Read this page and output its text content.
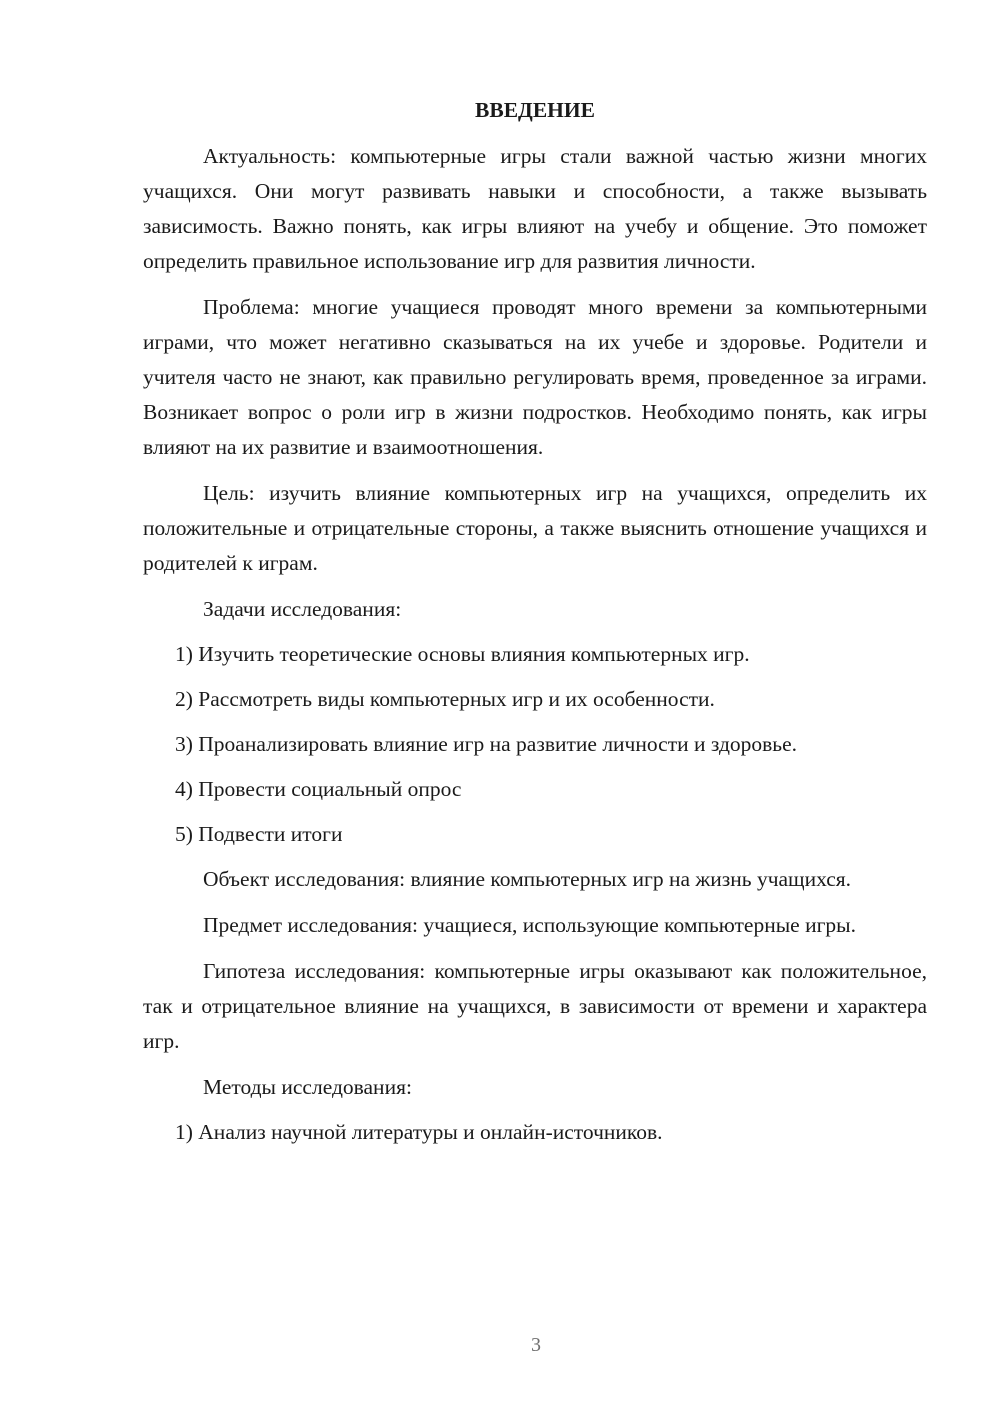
ВВЕДЕНИЕ
Актуальность: компьютерные игры стали важной частью жизни многих учащихся. Они могут развивать навыки и способности, а также вызывать зависимость. Важно понять, как игры влияют на учебу и общение. Это поможет определить правильное использование игр для развития личности.
Проблема: многие учащиеся проводят много времени за компьютерными играми, что может негативно сказываться на их учебе и здоровье. Родители и учителя часто не знают, как правильно регулировать время, проведенное за играми. Возникает вопрос о роли игр в жизни подростков. Необходимо понять, как игры влияют на их развитие и взаимоотношения.
Цель: изучить влияние компьютерных игр на учащихся, определить их положительные и отрицательные стороны, а также выяснить отношение учащихся и родителей к играм.
Задачи исследования:
1) Изучить теоретические основы влияния компьютерных игр.
2) Рассмотреть виды компьютерных игр и их особенности.
3) Проанализировать влияние игр на развитие личности и здоровье.
4) Провести социальный опрос
5) Подвести итоги
Объект исследования: влияние компьютерных игр на жизнь учащихся.
Предмет исследования: учащиеся, использующие компьютерные игры.
Гипотеза исследования: компьютерные игры оказывают как положительное, так и отрицательное влияние на учащихся, в зависимости от времени и характера игр.
Методы исследования:
1) Анализ научной литературы и онлайн-источников.
3
